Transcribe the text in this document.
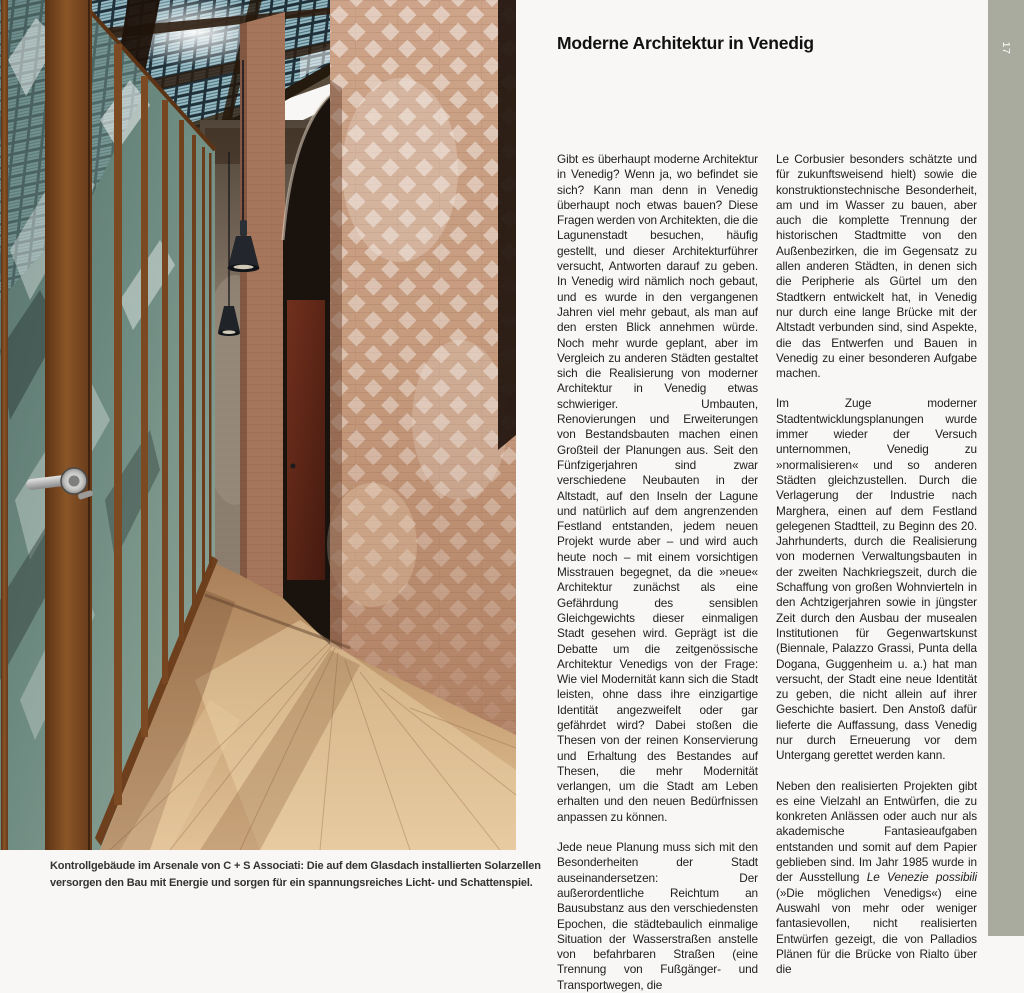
Kontrollgebäude im Arsenale von C + S Associati: Die auf dem Glasdach installierten Solarzellen
versorgen den Bau mit Energie und sorgen für ein spannungsreiches Licht- und Schattenspiel.
Moderne Architektur in Venedig

Gibt es überhaupt moderne Architektur in Venedig? Wenn ja, wo befindet sie sich? Kann man denn in Venedig überhaupt noch etwas bauen? Diese Fragen werden von Architekten, die die Lagunenstadt besuchen, häufig gestellt, und dieser Architekturführer versucht, Antworten darauf zu geben. In Venedig wird nämlich noch gebaut, und es wurde in den vergangenen Jahren viel mehr gebaut, als man auf den ersten Blick annehmen würde. Noch mehr wurde geplant, aber im Vergleich zu anderen Städten gestaltet sich die Realisierung von moderner Architektur in Venedig etwas schwieriger. Umbauten, Renovierungen und Erweiterungen von Bestandsbauten machen einen Großteil der Planungen aus. Seit den Fünfzigerjahren sind zwar verschiedene Neubauten in der Altstadt, auf den Inseln der Lagune und natürlich auf dem angrenzenden Festland entstanden, jedem neuen Projekt wurde aber – und wird auch heute noch – mit einem vorsichtigen Misstrauen begegnet, da die »neue« Architektur zunächst als eine Gefährdung des sensiblen Gleichgewichts dieser einmaligen Stadt gesehen wird. Geprägt ist die Debatte um die zeitgenössische Architektur Venedigs von der Frage: Wie viel Modernität kann sich die Stadt leisten, ohne dass ihre einzigartige Identität angezweifelt oder gar gefährdet wird? Dabei stoßen die Thesen von der reinen Konservierung und Erhaltung des Bestandes auf Thesen, die mehr Modernität verlangen, um die Stadt am Leben erhalten und den neuen Bedürfnissen anpassen zu können.

Jede neue Planung muss sich mit den Besonderheiten der Stadt auseinandersetzen: Der außerordentliche Reichtum an Bausubstanz aus den verschiedensten Epochen, die städtebaulich einmalige Situation der Wasserstraßen anstelle von befahrbaren Straßen (eine Trennung von Fußgänger- und Transportwegen, die

Le Corbusier besonders schätzte und für zukunftsweisend hielt) sowie die konstruktionstechnische Besonderheit, am und im Wasser zu bauen, aber auch die komplette Trennung der historischen Stadtmitte von den Außenbezirken, die im Gegensatz zu allen anderen Städten, in denen sich die Peripherie als Gürtel um den Stadtkern entwickelt hat, in Venedig nur durch eine lange Brücke mit der Altstadt verbunden sind, sind Aspekte, die das Entwerfen und Bauen in Venedig zu einer besonderen Aufgabe machen.

Im Zuge moderner Stadtentwicklungsplanungen wurde immer wieder der Versuch unternommen, Venedig zu »normalisieren« und so anderen Städten gleichzustellen. Durch die Verlagerung der Industrie nach Marghera, einen auf dem Festland gelegenen Stadtteil, zu Beginn des 20. Jahrhunderts, durch die Realisierung von modernen Verwaltungsbauten in der zweiten Nachkriegszeit, durch die Schaffung von großen Wohnvierteln in den Achtzigerjahren sowie in jüngster Zeit durch den Ausbau der musealen Institutionen für Gegenwartskunst (Biennale, Palazzo Grassi, Punta della Dogana, Guggenheim u. a.) hat man versucht, der Stadt eine neue Identität zu geben, die nicht allein auf ihrer Geschichte basiert. Den Anstoß dafür lieferte die Auffassung, dass Venedig nur durch Erneuerung vor dem Untergang gerettet werden kann.

Neben den realisierten Projekten gibt es eine Vielzahl an Entwürfen, die zu konkreten Anlässen oder auch nur als akademische Fantasieaufgaben entstanden und somit auf dem Papier geblieben sind. Im Jahr 1985 wurde in der Ausstellung Le Venezie possibili (»Die möglichen Venedigs«) eine Auswahl von mehr oder weniger fantasievollen, nicht realisierten Entwürfen gezeigt, die von Palladios Plänen für die Brücke von Rialto über die

17
